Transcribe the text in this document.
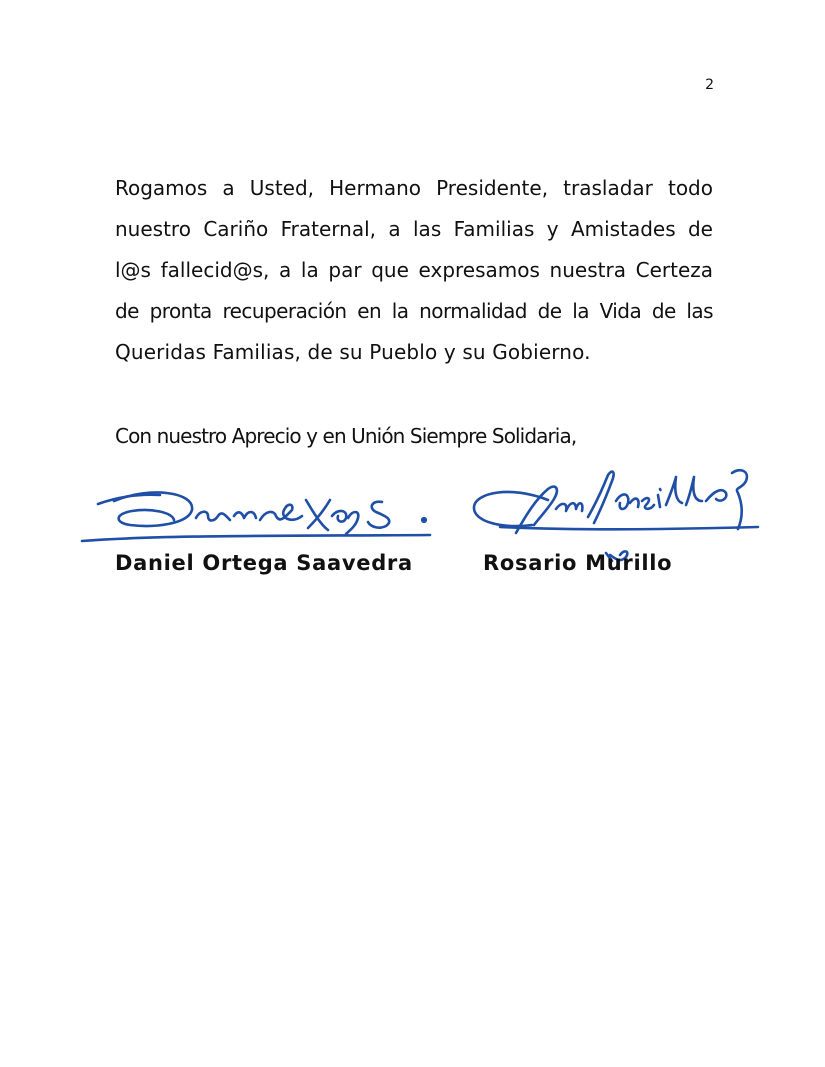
2
Rogamos a Usted, Hermano Presidente, trasladar todo
nuestro Cariño Fraternal, a las Familias y Amistades de
l@s fallecid@s, a la par que expresamos nuestra Certeza
de pronta recuperación en la normalidad de la Vida de las
Queridas Familias, de su Pueblo y su Gobierno.

Con nuestro Aprecio y en Unión Siempre Solidaria,

Daniel Ortega Saavedra	Rosario Murillo
